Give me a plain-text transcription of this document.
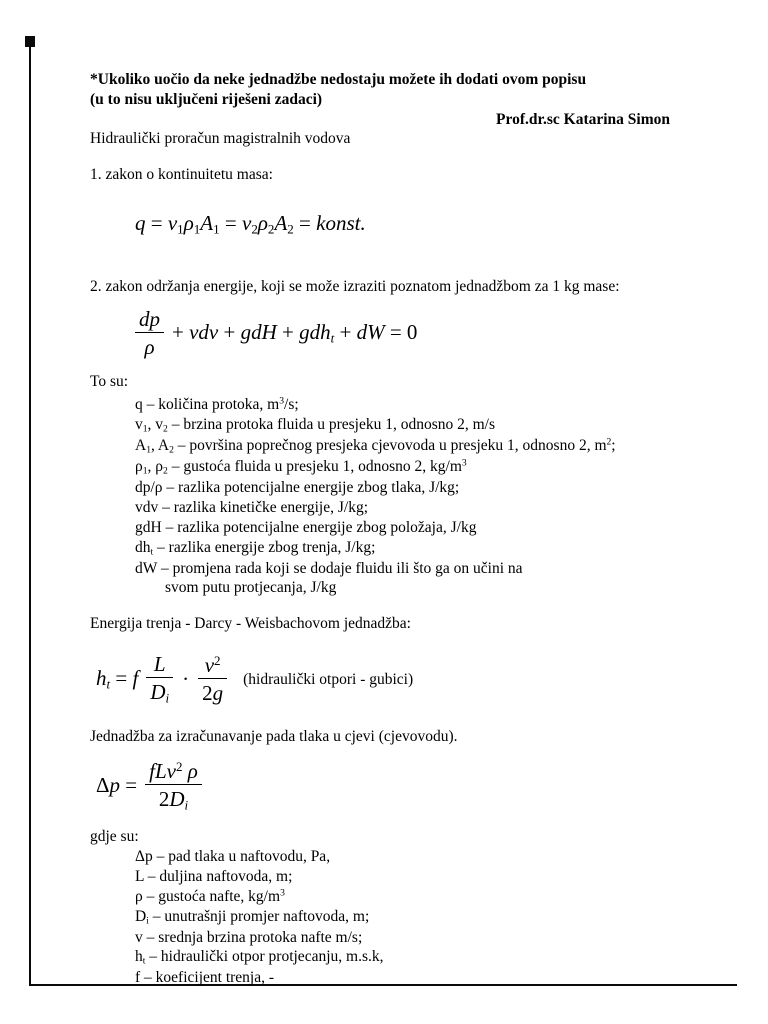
*Ukoliko uočio da neke jednadžbe nedostaju možete ih dodati ovom popisu

(u to nisu uključeni riješeni zadaci)

Prof.dr.sc Katarina Simon

Hidraulički proračun magistralnih vodova

1. zakon o kontinuitetu masa:

q = v1ρ1A1 = v2ρ2A2 = konst.

2. zakon održanja energije, koji se može izraziti poznatom jednadžbom za 1 kg mase:

$\frac{dp}{\rho}$ + vdv + gdH + gdht + dW = 0

To su:

q – količina protoka, $m^3/s$;

v1, v2 – brzina protoka fluida u presjeku 1, odnosno 2, m/s

A1, A2 – površina poprečnog presjeka cjevovoda u presjeku 1, odnosno 2, $m^2$;

ρ1, ρ2 – gustoća fluida u presjeku 1, odnosno 2, $kg/m^3$

dp/ρ – razlika potencijalne energije zbog tlaka, J/kg;

vdv – razlika kinetičke energije, J/kg;

gdH – razlika potencijalne energije zbog položaja, J/kg

dht – razlika energije zbog trenja, J/kg;

dW – promjena rada koji se dodaje fluidu ili što ga on učini na

svom putu protjecanja, J/kg

Energija trenja - Darcy - Weisbachovom jednadžba:

ht = f $\frac{L}{Di} \cdot \frac{v^2}{2g}$ (hidraulički otpori - gubici)

Jednadžba za izračunavanje pada tlaka u cjevi (cjevovodu).

$\Delta p = \frac{fLv^2 \rho}{2Di}$

gdje su:

Δp – pad tlaka u naftovodu, Pa,

L – duljina naftovoda, m;

ρ – gustoća nafte, $kg/m^3$

Di – unutrašnji promjer naftovoda, m;

v – srednja brzina protoka nafte m/s;

ht – hidraulički otpor protjecanju, m.s.k,

f – koeficijent trenja, -
